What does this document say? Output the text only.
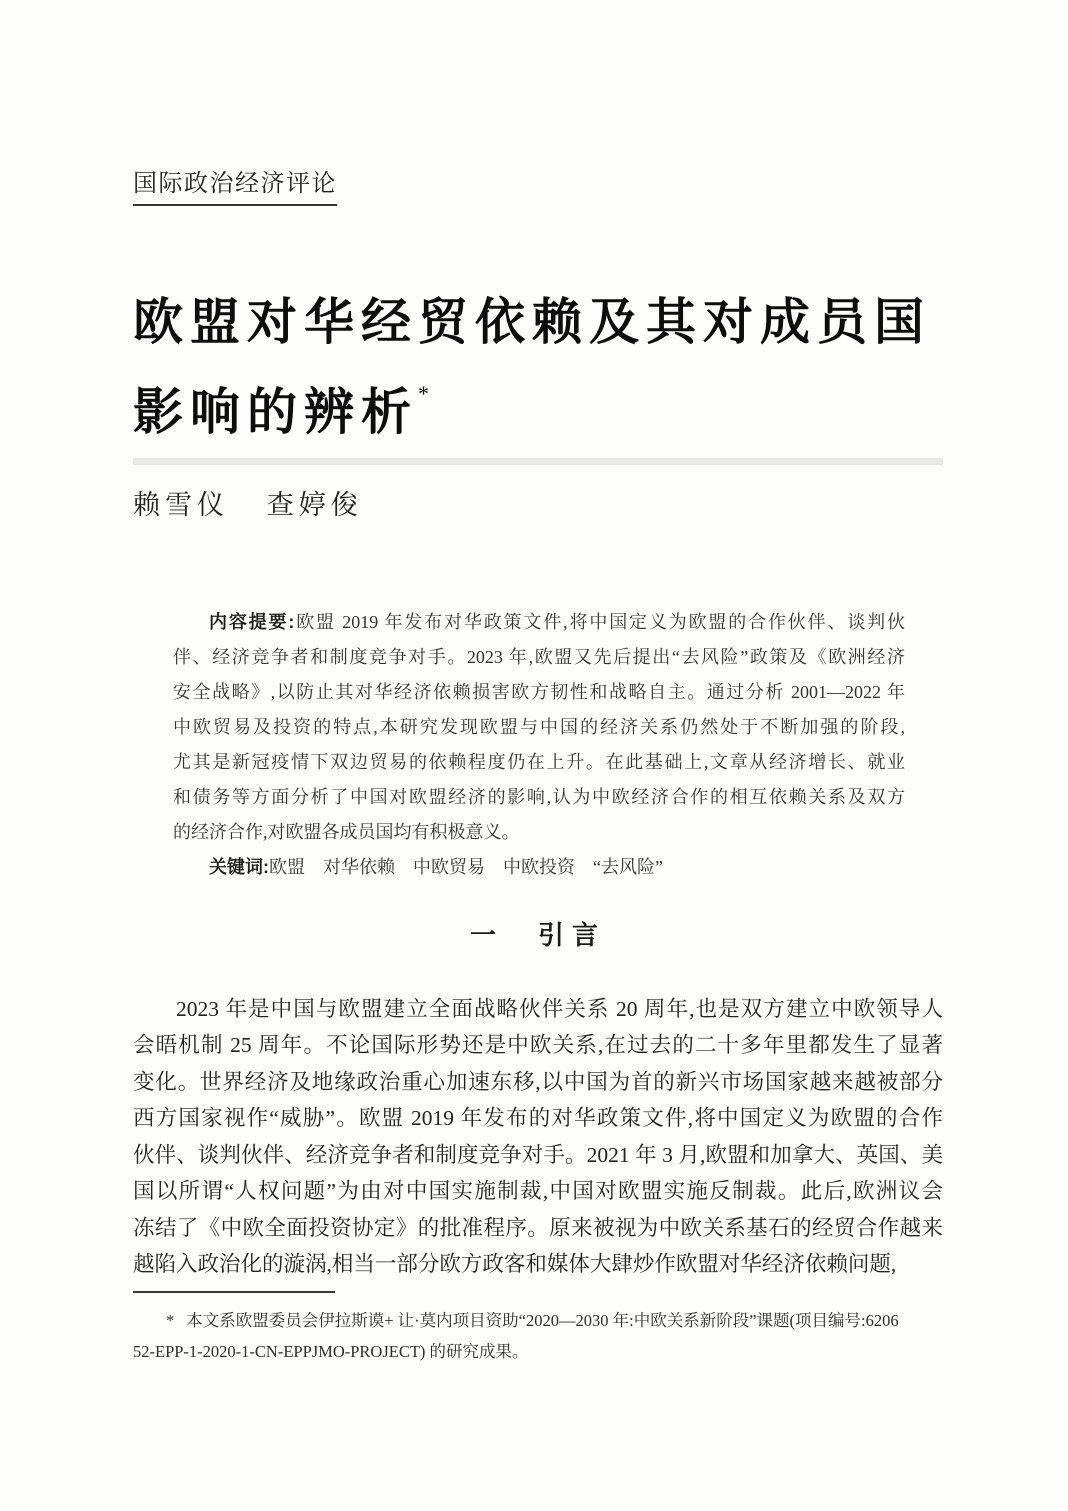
国际政治经济评论
欧盟对华经贸依赖及其对成员国
影响的辨析*
赖雪仪 查婷俊
内容提要:欧盟 2019 年发布对华政策文件,将中国定义为欧盟的合作伙伴、谈判伙
伴、经济竞争者和制度竞争对手。2023 年,欧盟又先后提出“去风险”政策及《欧洲经济
安全战略》,以防止其对华经济依赖损害欧方韧性和战略自主。通过分析 2001—2022 年
中欧贸易及投资的特点,本研究发现欧盟与中国的经济关系仍然处于不断加强的阶段,
尤其是新冠疫情下双边贸易的依赖程度仍在上升。在此基础上,文章从经济增长、就业
和债务等方面分析了中国对欧盟经济的影响,认为中欧经济合作的相互依赖关系及双方
的经济合作,对欧盟各成员国均有积极意义。
关键词:欧盟　对华依赖　中欧贸易　中欧投资　“去风险”
一 引言
2023 年是中国与欧盟建立全面战略伙伴关系 20 周年,也是双方建立中欧领导人
会晤机制 25 周年。不论国际形势还是中欧关系,在过去的二十多年里都发生了显著
变化。世界经济及地缘政治重心加速东移,以中国为首的新兴市场国家越来越被部分
西方国家视作“威胁”。欧盟 2019 年发布的对华政策文件,将中国定义为欧盟的合作
伙伴、谈判伙伴、经济竞争者和制度竞争对手。2021 年 3 月,欧盟和加拿大、英国、美
国以所谓“人权问题”为由对中国实施制裁,中国对欧盟实施反制裁。此后,欧洲议会
冻结了《中欧全面投资协定》的批准程序。原来被视为中欧关系基石的经贸合作越来
越陷入政治化的漩涡,相当一部分欧方政客和媒体大肆炒作欧盟对华经济依赖问题,
* 本文系欧盟委员会伊拉斯谟+ 让·莫内项目资助“2020—2030 年:中欧关系新阶段”课题(项目编号:6206
52-EPP-1-2020-1-CN-EPPJMO-PROJECT) 的研究成果。
